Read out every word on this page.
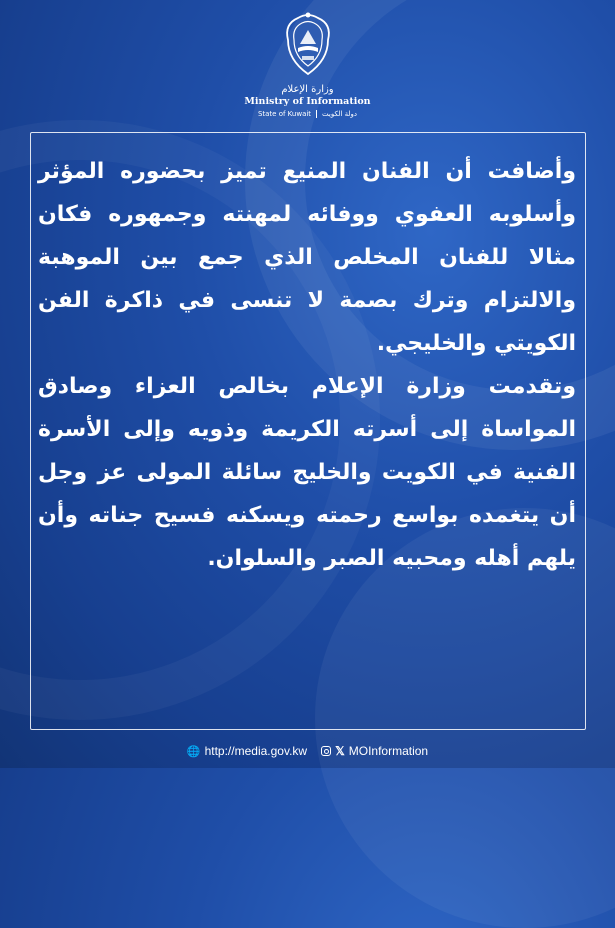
وزارة الإعلام
Ministry of Information
State of Kuwait دولة الكويت

وأضافت أن الفنان المنيع تميز بحضوره المؤثر وأسلوبه العفوي ووفائه لمهنته وجمهوره فكان مثالا للفنان المخلص الذي جمع بين الموهبة والالتزام وترك بصمة لا تنسى في ذاكرة الفن الكويتي والخليجي.

وتقدمت وزارة الإعلام بخالص العزاء وصادق المواساة إلى أسرته الكريمة وذويه وإلى الأسرة الفنية في الكويت والخليج سائلة المولى عز وجل أن يتغمده بواسع رحمته ويسكنه فسيح جناته وأن يلهم أهله ومحبيه الصبر والسلوان.

🌐 http://media.gov.kw 𝕏 MOInformation
